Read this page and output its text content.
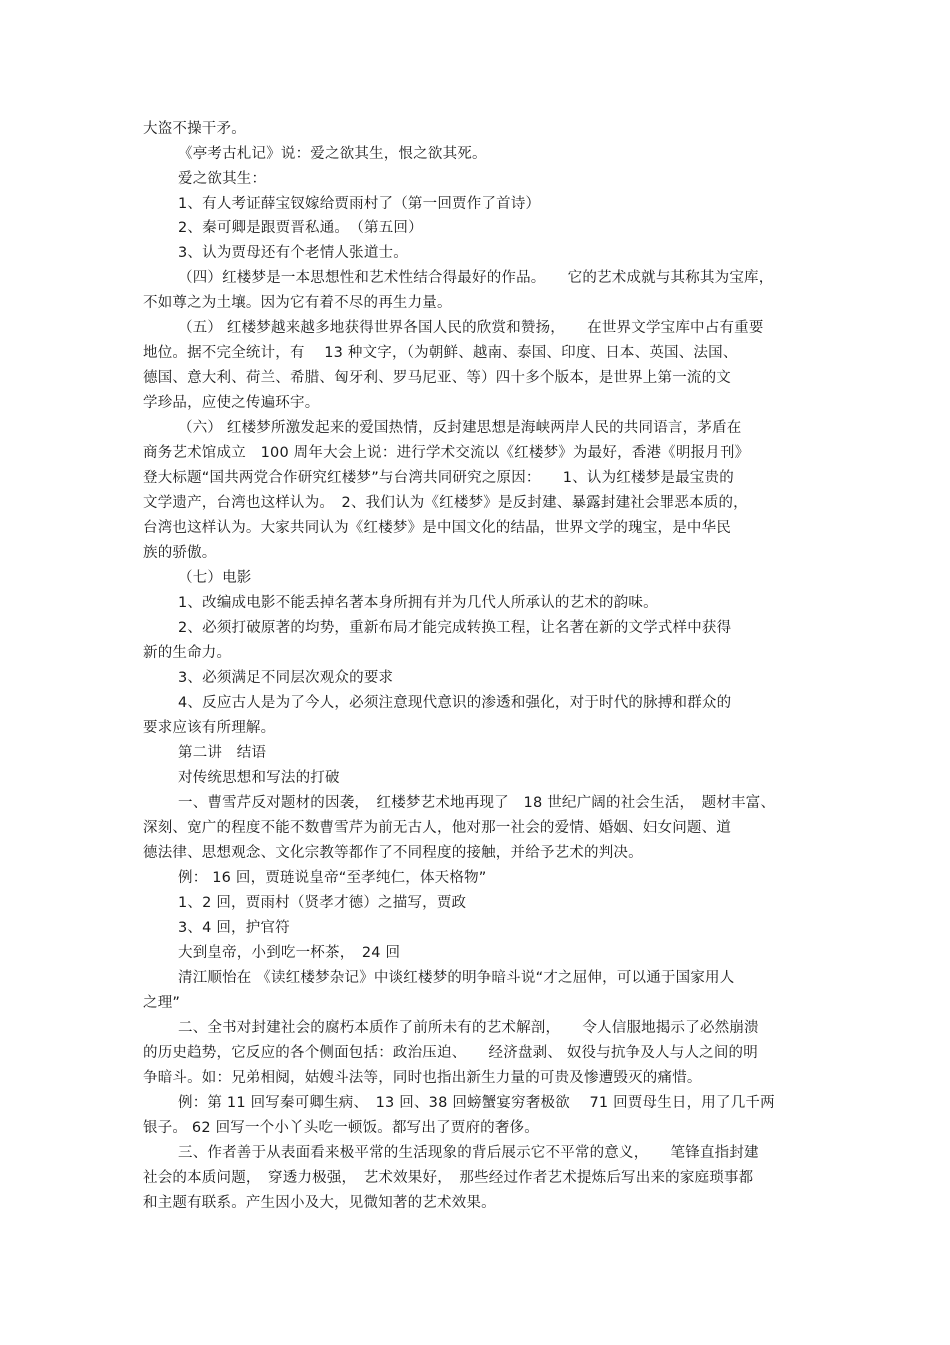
大盗不操干矛。
《亭考古札记》说：爱之欲其生，恨之欲其死。
爱之欲其生：
1、有人考证薛宝钗嫁给贾雨村了（第一回贾作了首诗）
2、秦可卿是跟贾晋私通。　（第五回）
3、认为贾母还有个老情人张道士。
（四）红楼梦是一本思想性和艺术性结合得最好的作品。　　它的艺术成就与其称其为宝库，
不如尊之为土壤。因为它有着不尽的再生力量。
（五） 红楼梦越来越多地获得世界各国人民的欣赏和赞扬，　　在世界文学宝库中占有重要
地位。据不完全统计，有　 13 种文字，（为朝鲜、越南、泰国、印度、日本、英国、法国、
德国、意大利、荷兰、希腊、匈牙利、罗马尼亚、等）四十多个版本，是世界上第一流的文
学珍品，应使之传遍环宇。
（六） 红楼梦所激发起来的爱国热情，反封建思想是海峡两岸人民的共同语言，茅盾在
商务艺术馆成立　100 周年大会上说：进行学术交流以《红楼梦》为最好，香港《明报月刊》
登大标题“国共两党合作研究红楼梦”与台湾共同研究之原因：　　1、认为红楼梦是最宝贵的
文学遗产，台湾也这样认为。　2、我们认为《红楼梦》是反封建、暴露封建社会罪恶本质的，
台湾也这样认为。大家共同认为《红楼梦》是中国文化的结晶，世界文学的瑰宝，是中华民
族的骄傲。
（七）电影
1、改编成电影不能丢掉名著本身所拥有并为几代人所承认的艺术的韵味。
2、必须打破原著的均势，重新布局才能完成转换工程，让名著在新的文学式样中获得
新的生命力。
3、必须满足不同层次观众的要求
4、反应古人是为了今人，必须注意现代意识的渗透和强化，对于时代的脉搏和群众的
要求应该有所理解。
第二讲　结语
对传统思想和写法的打破
一、曹雪芹反对题材的因袭，　红楼梦艺术地再现了　18 世纪广阔的社会生活，　题材丰富、
深刻、宽广的程度不能不数曹雪芹为前无古人，他对那一社会的爱情、婚姻、妇女问题、道
德法律、思想观念、文化宗教等都作了不同程度的接触，并给予艺术的判决。
例： 16 回，贾琏说皇帝“至孝纯仁，体天格物”
1、2 回，贾雨村（贤孝才德）之描写，贾政
3、4 回，护官符
大到皇帝，小到吃一杯茶，　24 回
清江顺怡在 《读红楼梦杂记》中谈红楼梦的明争暗斗说“才之屈伸，可以通于国家用人
之理”
二、全书对封建社会的腐朽本质作了前所未有的艺术解剖，　　令人信服地揭示了必然崩溃
的历史趋势，它反应的各个侧面包括：政治压迫、　　经济盘剥、 奴役与抗争及人与人之间的明
争暗斗。如：兄弟相阋，姑嫂斗法等，同时也指出新生力量的可贵及惨遭毁灭的痛惜。
例：第 11 回写秦可卿生病、　13 回、38 回螃蟹宴穷奢极欲　 71 回贾母生日，用了几千两
银子。 62 回写一个小丫头吃一顿饭。都写出了贾府的奢侈。
三、作者善于从表面看来极平常的生活现象的背后展示它不平常的意义，　　笔锋直指封建
社会的本质问题，　穿透力极强，　艺术效果好，　那些经过作者艺术提炼后写出来的家庭琐事都
和主题有联系。产生因小及大，见微知著的艺术效果。
